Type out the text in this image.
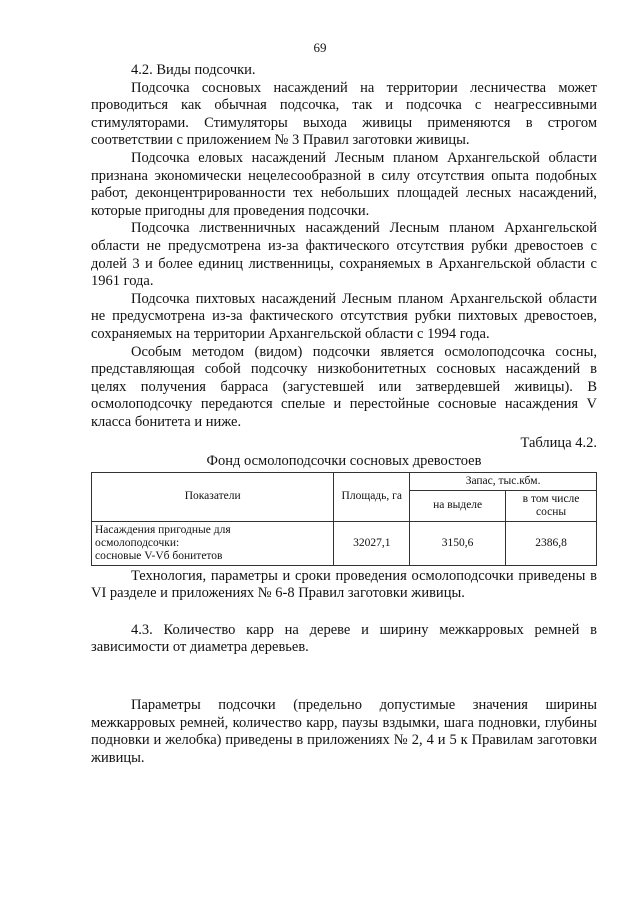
69

4.2. Виды подсочки.

Подсочка сосновых насаждений на территории лесничества может проводиться как обычная подсочка, так и подсочка с неагрессивными стимуляторами. Стимуляторы выхода живицы применяются в строгом соответствии с приложением № 3 Правил заготовки живицы.

Подсочка еловых насаждений Лесным планом Архангельской области признана экономически нецелесообразной в силу отсутствия опыта подобных работ, деконцентрированности тех небольших площадей лесных насаждений, которые пригодны для проведения подсочки.

Подсочка лиственничных насаждений Лесным планом Архангельской области не предусмотрена из-за фактического отсутствия рубки древостоев с долей 3 и более единиц лиственницы, сохраняемых в Архангельской области с 1961 года.

Подсочка пихтовых насаждений Лесным планом Архангельской области не предусмотрена из-за фактического отсутствия рубки пихтовых древостоев, сохраняемых на территории Архангельской области с 1994 года.

Особым методом (видом) подсочки является осмолоподсочка сосны, представляющая собой подсочку низкобонитетных сосновых насаждений в целях получения барраса (загустевшей или затвердевшей живицы). В осмолоподсочку передаются спелые и перестойные сосновые насаждения V класса бонитета и ниже.

Таблица 4.2.

Фонд осмолоподсочки сосновых древостоев

Показатели	Площадь, га	Запас, тыс.кбм.	
		на выделе	в том числе сосны

Насаждения пригодные для
осмолоподсочки:
сосновые V-Vб бонитетов	32027,1	3150,6	2386,8

Технология, параметры и сроки проведения осмолоподсочки приведены в VI разделе и приложениях № 6-8 Правил заготовки живицы.

4.3. Количество карр на дереве и ширину межкарровых ремней в зависимости от диаметра деревьев.

Параметры подсочки (предельно допустимые значения ширины межкарровых ремней, количество карр, паузы вздымки, шага подновки, глубины подновки и желобка) приведены в приложениях № 2, 4 и 5 к Правилам заготовки живицы.
